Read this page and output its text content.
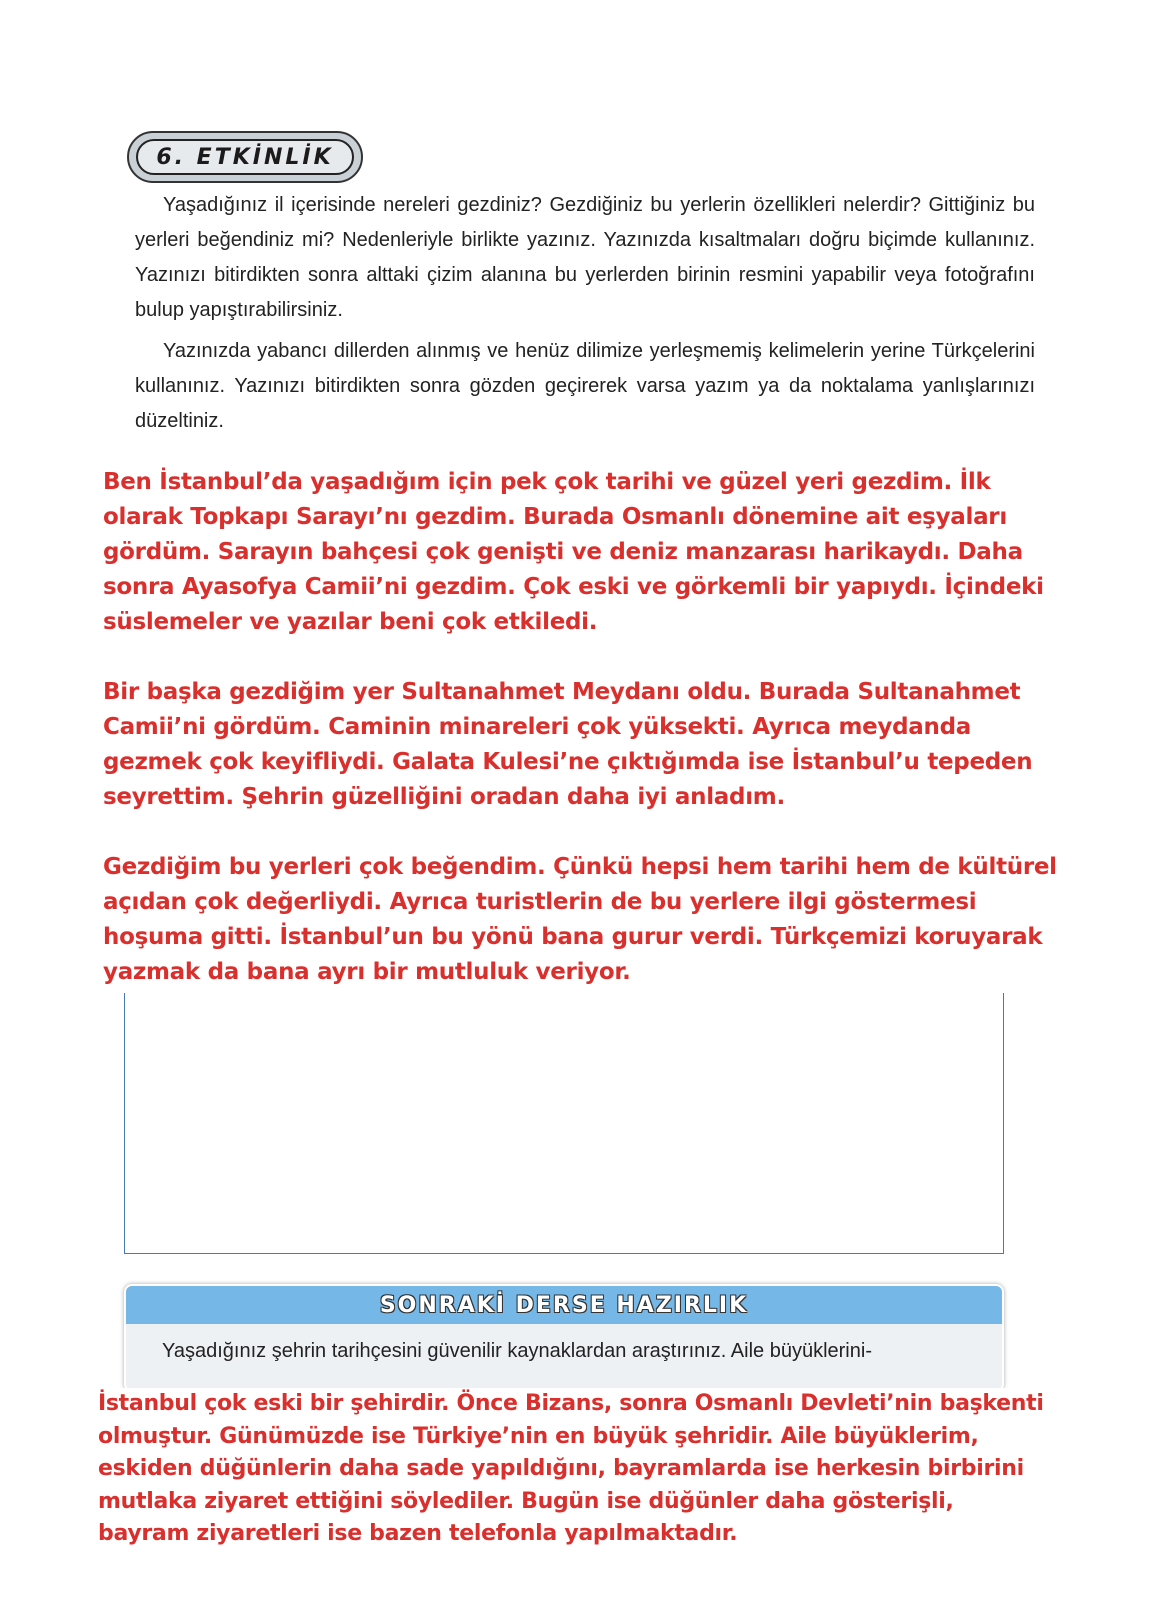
6. ETKİNLİK

Yaşadığınız il içerisinde nereleri gezdiniz? Gezdiğiniz bu yerlerin özellikleri nelerdir? Gittiğiniz bu yerleri beğendiniz mi? Nedenleriyle birlikte yazınız. Yazınızda kısaltmaları doğru biçimde kullanınız. Yazınızı bitirdikten sonra alttaki çizim alanına bu yerlerden birinin resmini yapabilir veya fotoğrafını bulup yapıştırabilirsiniz.

Yazınızda yabancı dillerden alınmış ve henüz dilimize yerleşmemiş kelimelerin yerine Türkçelerini kullanınız. Yazınızı bitirdikten sonra gözden geçirerek varsa yazım ya da noktalama yanlışlarınızı düzeltiniz.

Ben İstanbul’da yaşadığım için pek çok tarihi ve güzel yeri gezdim. İlk olarak Topkapı Sarayı’nı gezdim. Burada Osmanlı dönemine ait eşyaları gördüm. Sarayın bahçesi çok genişti ve deniz manzarası harikaydı. Daha sonra Ayasofya Camii’ni gezdim. Çok eski ve görkemli bir yapıydı. İçindeki süslemeler ve yazılar beni çok etkiledi.

Bir başka gezdiğim yer Sultanahmet Meydanı oldu. Burada Sultanahmet Camii’ni gördüm. Caminin minareleri çok yüksekti. Ayrıca meydanda gezmek çok keyifliydi. Galata Kulesi’ne çıktığımda ise İstanbul’u tepeden seyrettim. Şehrin güzelliğini oradan daha iyi anladım.

Gezdiğim bu yerleri çok beğendim. Çünkü hepsi hem tarihi hem de kültürel açıdan çok değerliydi. Ayrıca turistlerin de bu yerlere ilgi göstermesi hoşuma gitti. İstanbul’un bu yönü bana gurur verdi. Türkçemizi koruyarak yazmak da bana ayrı bir mutluluk veriyor.

SONRAKİ DERSE HAZIRLIK
Yaşadığınız şehrin tarihçesini güvenilir kaynaklardan araştırınız. Aile büyüklerini-

İstanbul çok eski bir şehirdir. Önce Bizans, sonra Osmanlı Devleti’nin başkenti olmuştur. Günümüzde ise Türkiye’nin en büyük şehridir. Aile büyüklerim, eskiden düğünlerin daha sade yapıldığını, bayramlarda ise herkesin birbirini mutlaka ziyaret ettiğini söylediler. Bugün ise düğünler daha gösterişli, bayram ziyaretleri ise bazen telefonla yapılmaktadır.
